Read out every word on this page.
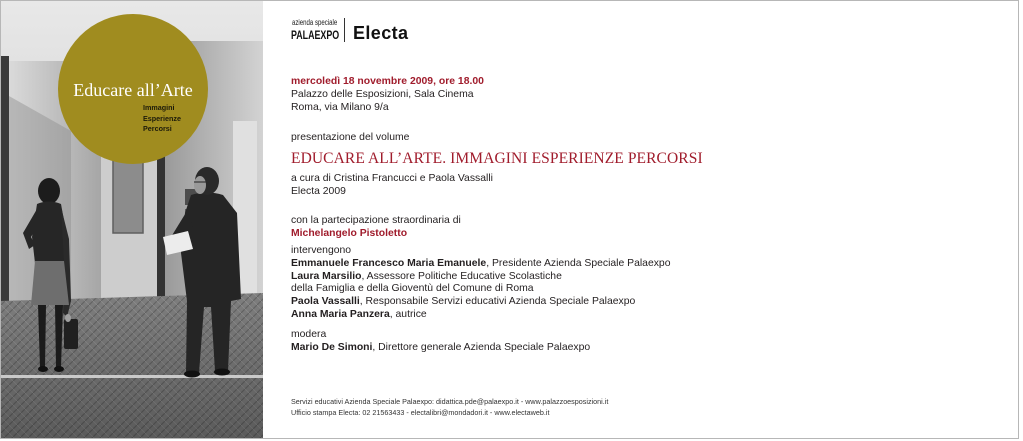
Educare all’Arte
Immagini
Esperienze
Percorsi
azienda speciale
PALAEXPO Electa
mercoledì 18 novembre 2009, ore 18.00
Palazzo delle Esposizioni, Sala Cinema
Roma, via Milano 9/a
presentazione del volume
EDUCARE ALL’ARTE. IMMAGINI ESPERIENZE PERCORSI
a cura di Cristina Francucci e Paola Vassalli
Electa 2009
con la partecipazione straordinaria di
Michelangelo Pistoletto
intervengono
Emmanuele Francesco Maria Emanuele, Presidente Azienda Speciale Palaexpo
Laura Marsilio, Assessore Politiche Educative Scolastiche
della Famiglia e della Gioventù del Comune di Roma
Paola Vassalli, Responsabile Servizi educativi Azienda Speciale Palaexpo
Anna Maria Panzera, autrice
modera
Mario De Simoni, Direttore generale Azienda Speciale Palaexpo
Servizi educativi Azienda Speciale Palaexpo: didattica.pde@palaexpo.it - www.palazzoesposizioni.it
Ufficio stampa Electa: 02 21563433 - electalibri@mondadori.it - www.electaweb.it
